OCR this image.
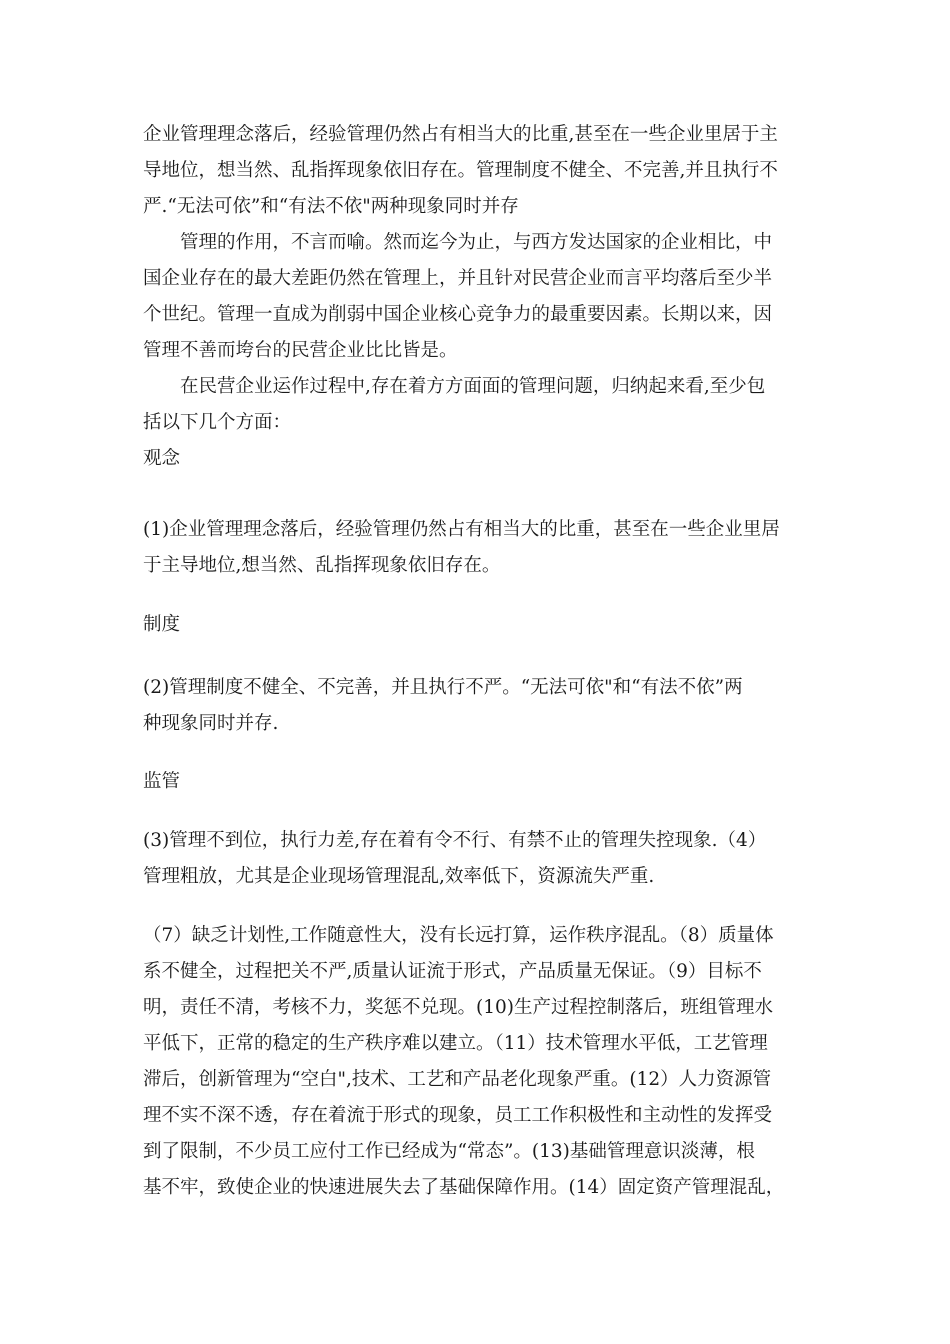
企业管理理念落后，经验管理仍然占有相当大的比重,甚至在一些企业里居于主
导地位，想当然、乱指挥现象依旧存在。管理制度不健全、不完善,并且执行不
严.“无法可依”和“有法不依"两种现象同时并存
管理的作用，不言而喻。然而迄今为止，与西方发达国家的企业相比，中
国企业存在的最大差距仍然在管理上，并且针对民营企业而言平均落后至少半
个世纪。管理一直成为削弱中国企业核心竞争力的最重要因素。长期以来，因
管理不善而垮台的民营企业比比皆是。
在民营企业运作过程中,存在着方方面面的管理问题，归纳起来看,至少包
括以下几个方面：
观念
(1)企业管理理念落后，经验管理仍然占有相当大的比重，甚至在一些企业里居
于主导地位,想当然、乱指挥现象依旧存在。
制度
(2)管理制度不健全、不完善，并且执行不严。“无法可依"和“有法不依”两
种现象同时并存.
监管
(3)管理不到位，执行力差,存在着有令不行、有禁不止的管理失控现象.（4）
管理粗放，尤其是企业现场管理混乱,效率低下，资源流失严重.
（7）缺乏计划性,工作随意性大，没有长远打算，运作秩序混乱。（8）质量体
系不健全，过程把关不严,质量认证流于形式，产品质量无保证。（9）目标不
明，责任不清，考核不力，奖惩不兑现。(10)生产过程控制落后，班组管理水
平低下，正常的稳定的生产秩序难以建立。（11）技术管理水平低，工艺管理
滞后，创新管理为“空白",技术、工艺和产品老化现象严重。(12）人力资源管
理不实不深不透，存在着流于形式的现象，员工工作积极性和主动性的发挥受
到了限制，不少员工应付工作已经成为“常态”。(13)基础管理意识淡薄，根
基不牢，致使企业的快速进展失去了基础保障作用。(14）固定资产管理混乱，
